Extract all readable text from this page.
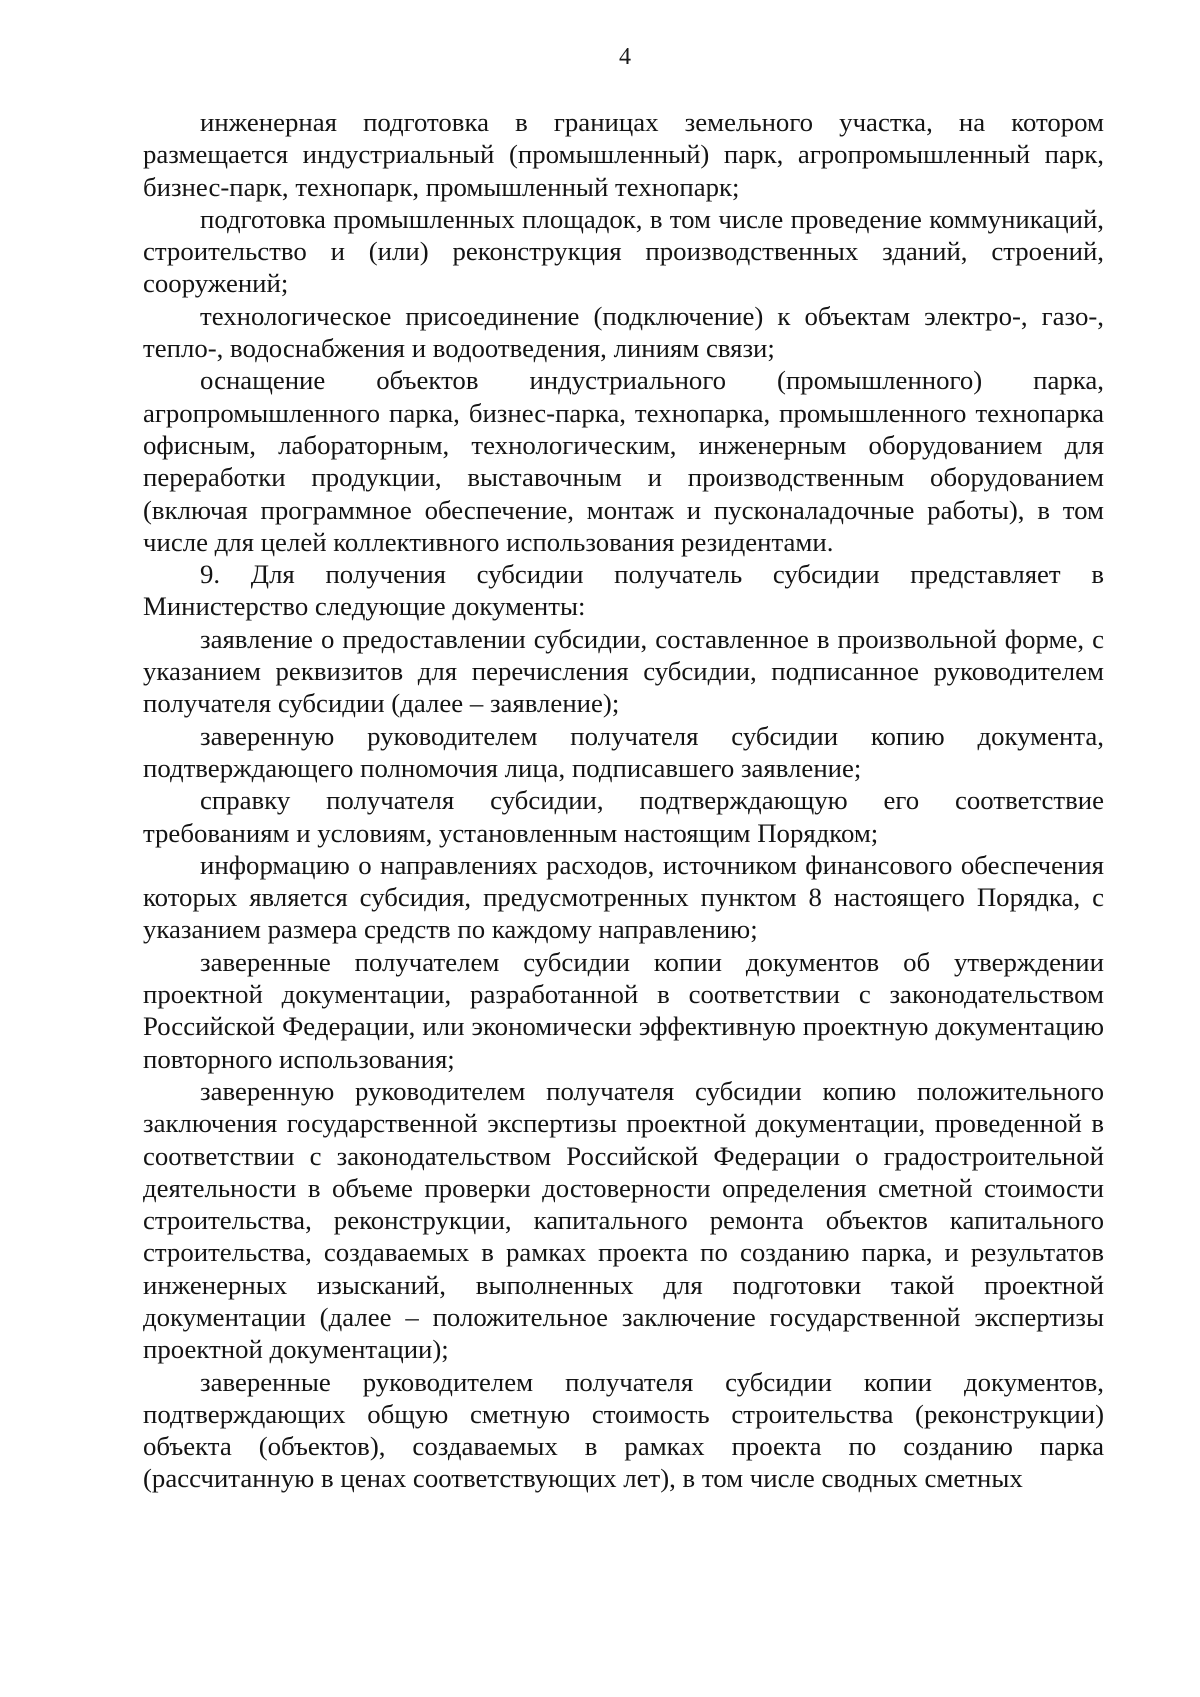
4

инженерная подготовка в границах земельного участка, на котором размещается индустриальный (промышленный) парк, агропромышленный парк, бизнес-парк, технопарк, промышленный технопарк;

подготовка промышленных площадок, в том числе проведение коммуникаций, строительство и (или) реконструкция производственных зданий, строений, сооружений;

технологическое присоединение (подключение) к объектам электро-, газо-, тепло-, водоснабжения и водоотведения, линиям связи;

оснащение объектов индустриального (промышленного) парка, агропромышленного парка, бизнес-парка, технопарка, промышленного технопарка офисным, лабораторным, технологическим, инженерным оборудованием для переработки продукции, выставочным и производственным оборудованием (включая программное обеспечение, монтаж и пусконаладочные работы), в том числе для целей коллективного использования резидентами.

9. Для получения субсидии получатель субсидии представляет в Министерство следующие документы:

заявление о предоставлении субсидии, составленное в произвольной форме, с указанием реквизитов для перечисления субсидии, подписанное руководителем получателя субсидии (далее – заявление);

заверенную руководителем получателя субсидии копию документа, подтверждающего полномочия лица, подписавшего заявление;

справку получателя субсидии, подтверждающую его соответствие требованиям и условиям, установленным настоящим Порядком;

информацию о направлениях расходов, источником финансового обеспечения которых является субсидия, предусмотренных пунктом 8 настоящего Порядка, с указанием размера средств по каждому направлению;

заверенные получателем субсидии копии документов об утверждении проектной документации, разработанной в соответствии с законодательством Российской Федерации, или экономически эффективную проектную документацию повторного использования;

заверенную руководителем получателя субсидии копию положительного заключения государственной экспертизы проектной документации, проведенной в соответствии с законодательством Российской Федерации о градостроительной деятельности в объеме проверки достоверности определения сметной стоимости строительства, реконструкции, капитального ремонта объектов капитального строительства, создаваемых в рамках проекта по созданию парка, и результатов инженерных изысканий, выполненных для подготовки такой проектной документации (далее – положительное заключение государственной экспертизы проектной документации);

заверенные руководителем получателя субсидии копии документов, подтверждающих общую сметную стоимость строительства (реконструкции) объекта (объектов), создаваемых в рамках проекта по созданию парка (рассчитанную в ценах соответствующих лет), в том числе сводных сметных
